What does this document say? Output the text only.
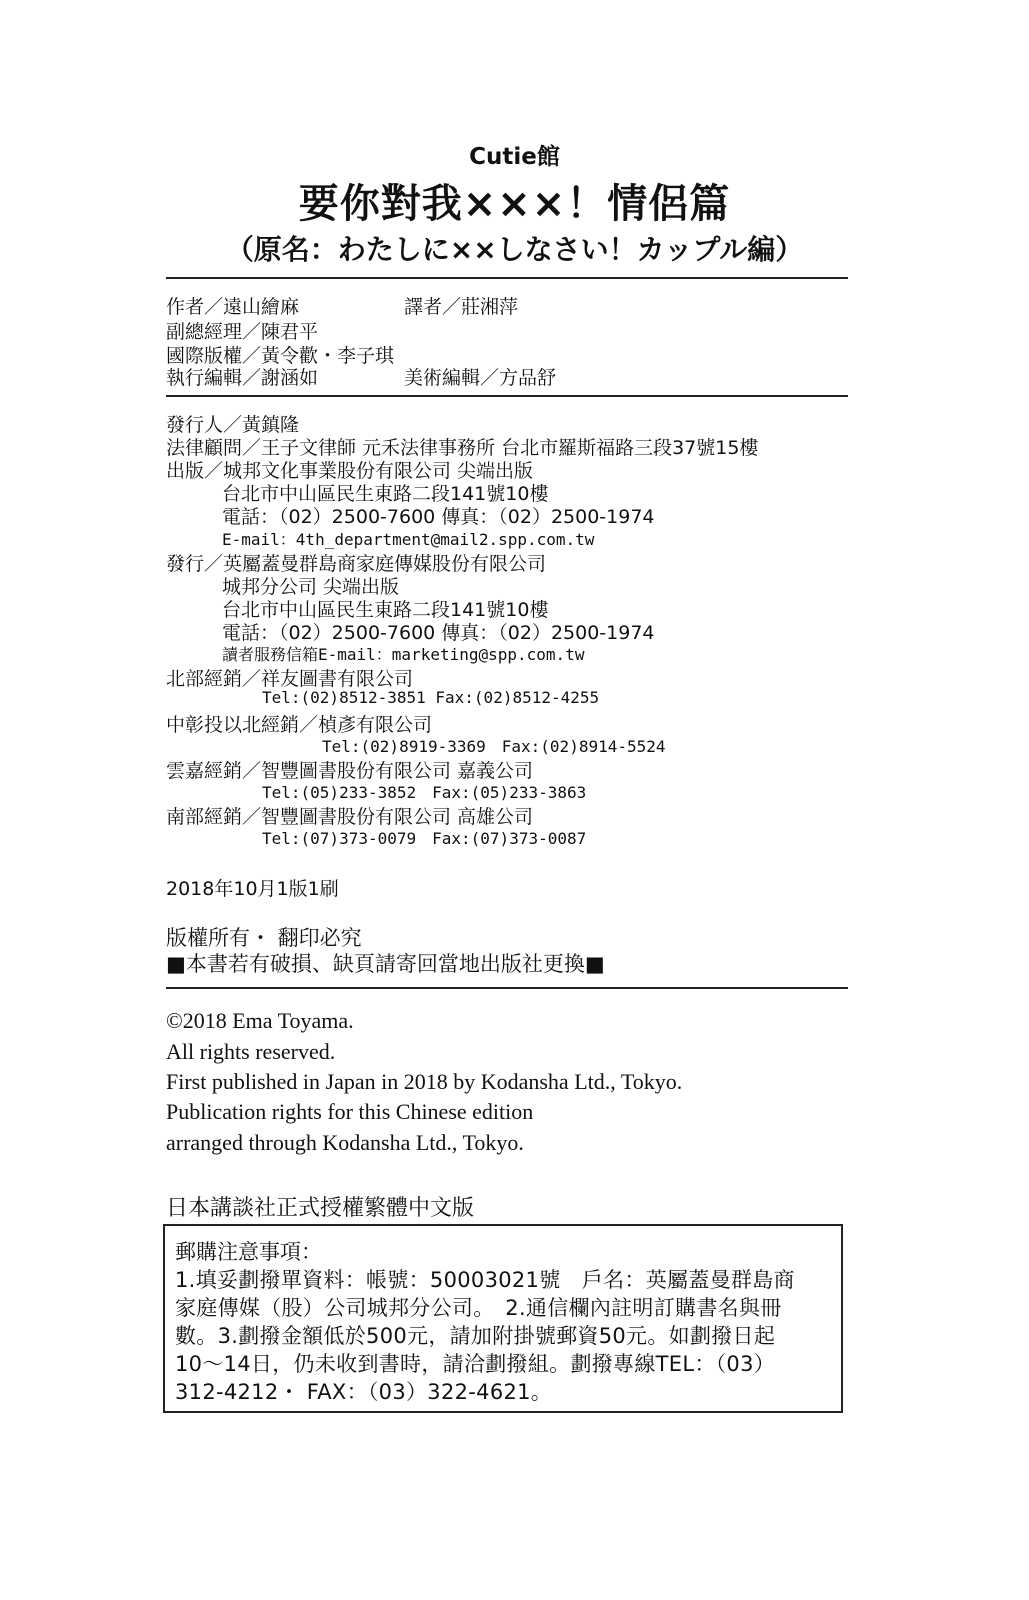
Cutie館
要你對我×××！情侶篇
（原名：わたしに××しなさい！カップル編）
作者／遠山繪麻	譯者／莊湘萍
副總經理／陳君平
國際版權／黃令歡・李子琪
執行編輯／謝涵如	美術編輯／方品舒
發行人／黃鎮隆
法律顧問／王子文律師 元禾法律事務所 台北市羅斯福路三段37號15樓
出版／城邦文化事業股份有限公司 尖端出版
台北市中山區民生東路二段141號10樓
電話：（02）2500-7600 傳真：（02）2500-1974
E-mail：4th_department@mail2.spp.com.tw
發行／英屬蓋曼群島商家庭傳媒股份有限公司
城邦分公司 尖端出版
台北市中山區民生東路二段141號10樓
電話：（02）2500-7600 傳真：（02）2500-1974
讀者服務信箱E-mail：marketing@spp.com.tw
北部經銷／祥友圖書有限公司
Tel:(02)8512-3851 Fax:(02)8512-4255
中彰投以北經銷／楨彥有限公司
Tel:(02)8919-3369　Fax:(02)8914-5524
雲嘉經銷／智豐圖書股份有限公司 嘉義公司
Tel:(05)233-3852　Fax:(05)233-3863
南部經銷／智豐圖書股份有限公司 高雄公司
Tel:(07)373-0079　Fax:(07)373-0087
2018年10月1版1刷
版權所有・ 翻印必究
■本書若有破損、缺頁請寄回當地出版社更換■
©2018 Ema Toyama.
All rights reserved.
First published in Japan in 2018 by Kodansha Ltd., Tokyo.
Publication rights for this Chinese edition
arranged through Kodansha Ltd., Tokyo.
日本講談社正式授權繁體中文版
郵購注意事項：
1.填妥劃撥單資料：帳號：50003021號　戶名：英屬蓋曼群島商
家庭傳媒（股）公司城邦分公司。　2.通信欄內註明訂購書名與冊
數。3.劃撥金額低於500元，請加附掛號郵資50元。如劃撥日起
10～14日，仍未收到書時，請洽劃撥組。劃撥專線TEL：（03）
312-4212・ FAX：（03）322-4621。
